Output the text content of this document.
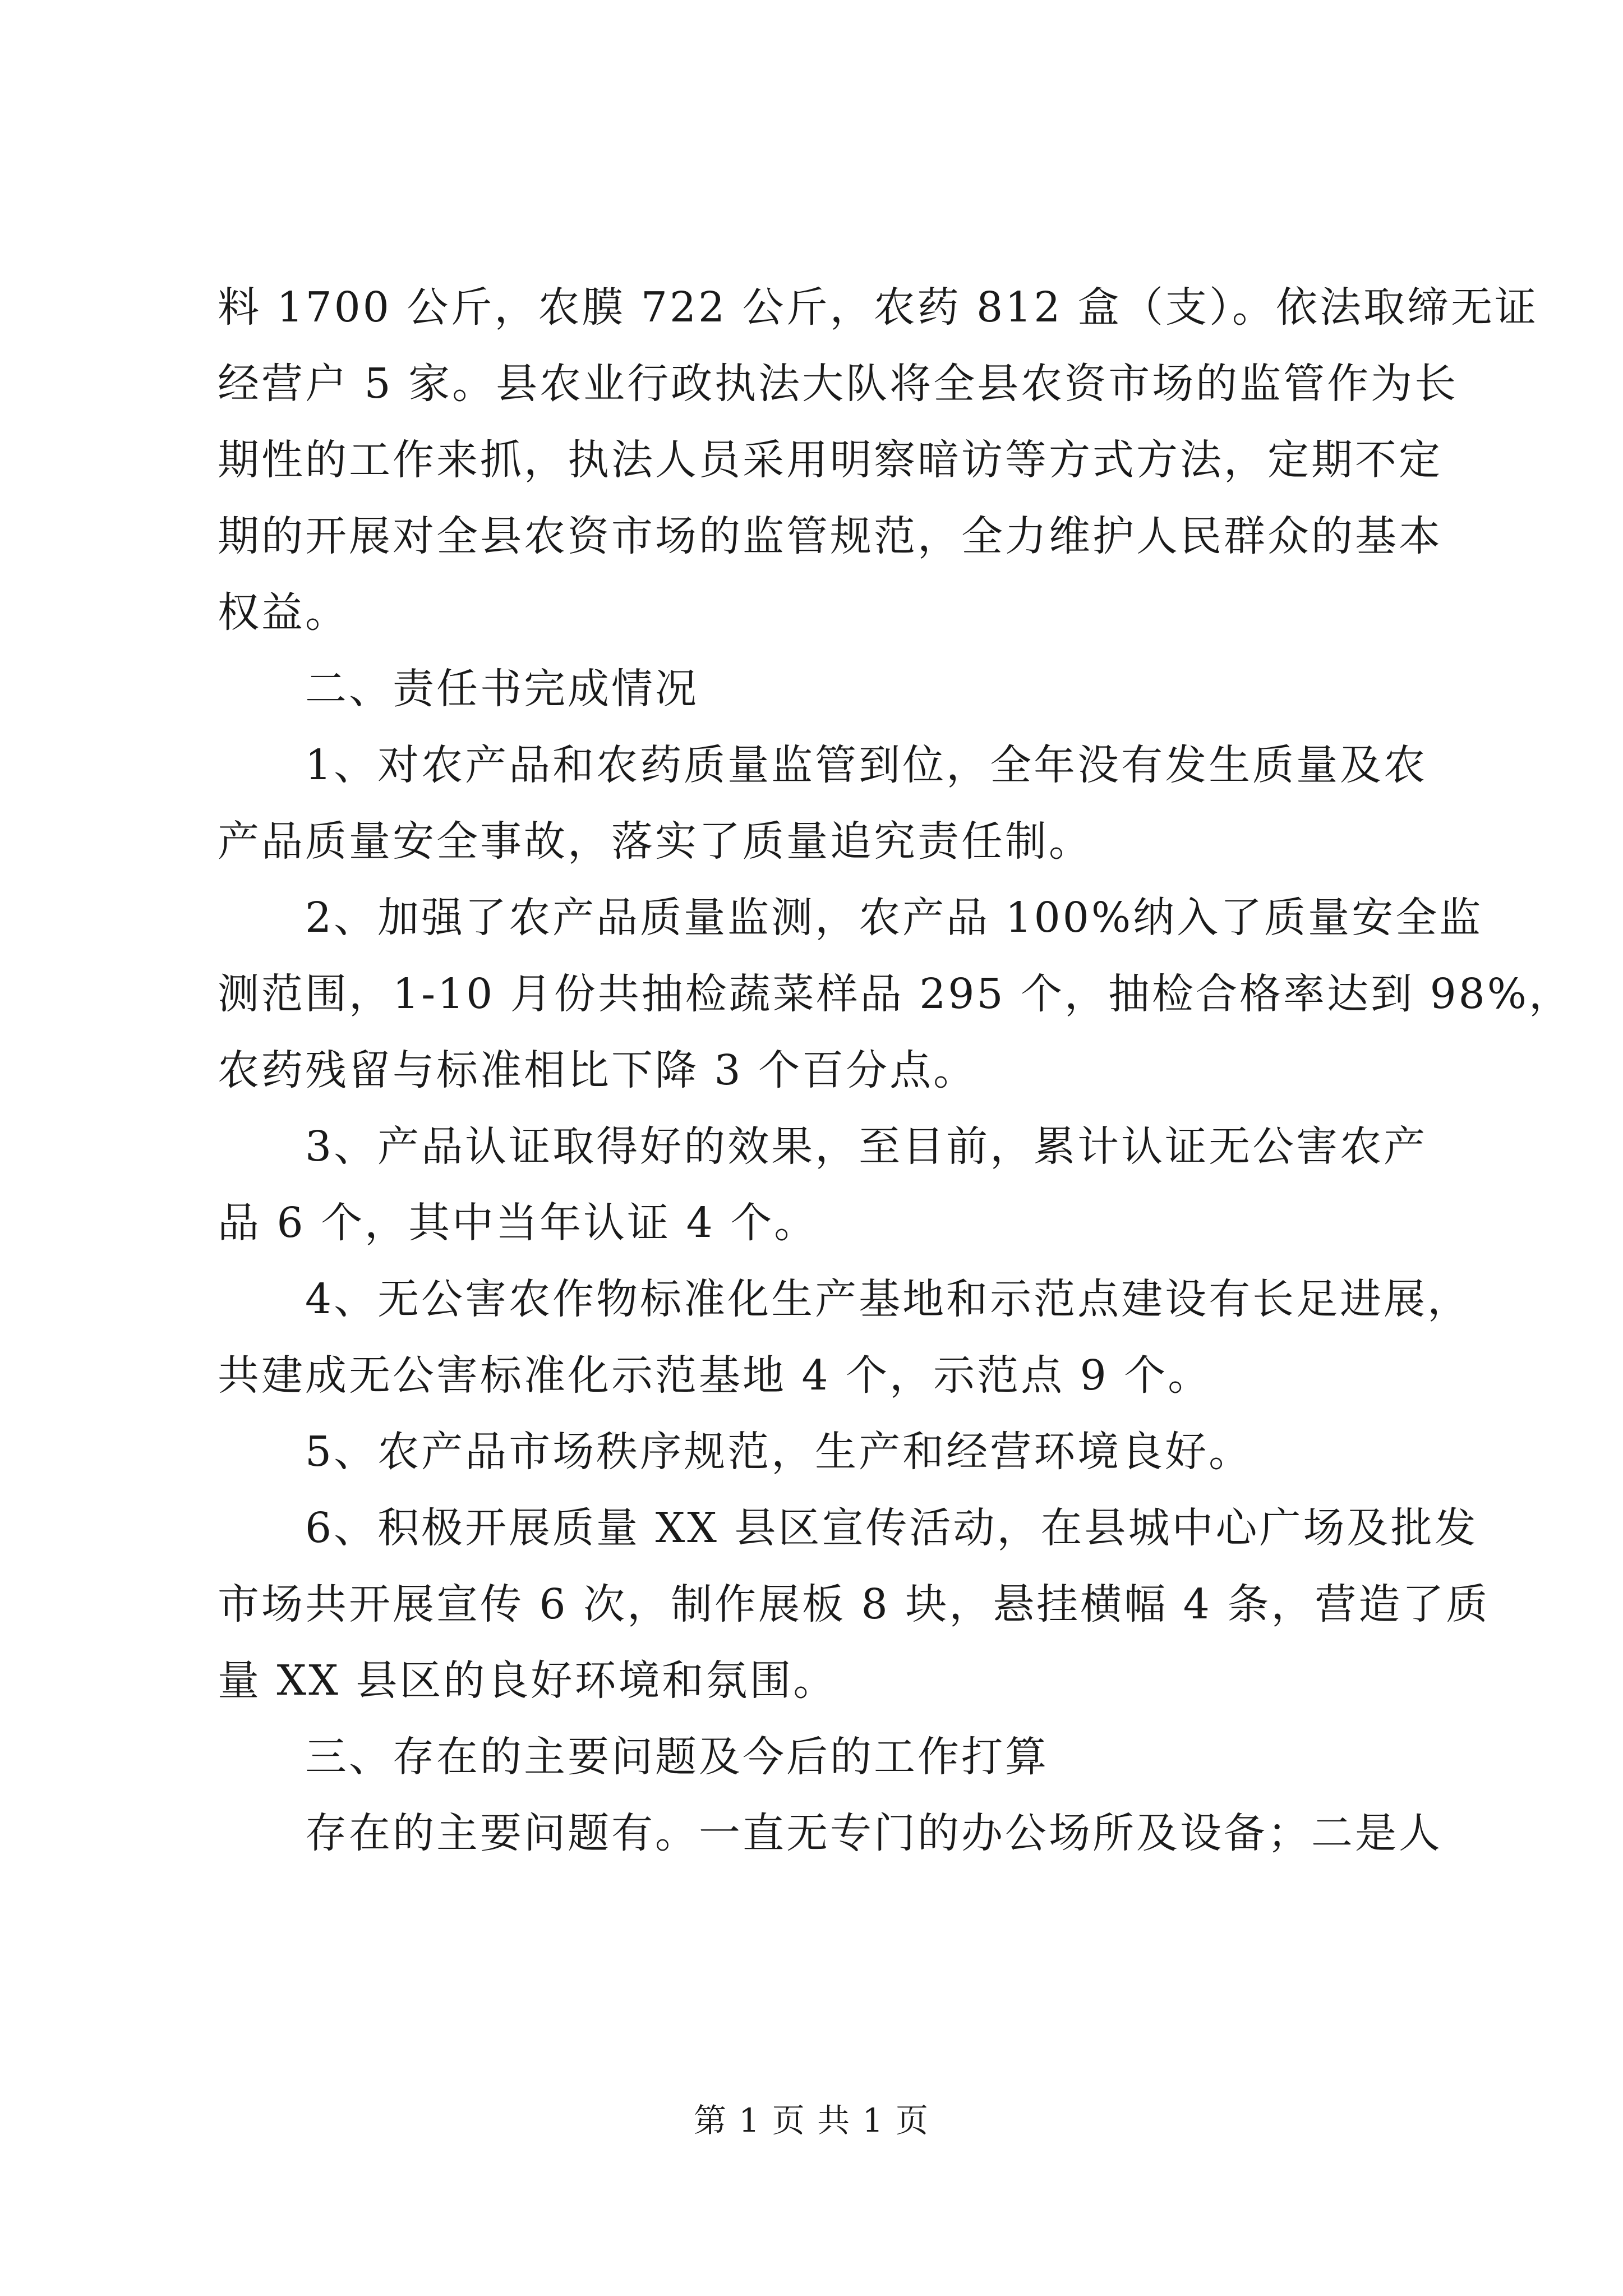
料 1700 公斤，农膜 722 公斤，农药 812 盒（支）。依法取缔无证
经营户 5 家。县农业行政执法大队将全县农资市场的监管作为长
期性的工作来抓，执法人员采用明察暗访等方式方法，定期不定
期的开展对全县农资市场的监管规范，全力维护人民群众的基本
权益。
二、责任书完成情况
1、对农产品和农药质量监管到位，全年没有发生质量及农
产品质量安全事故，落实了质量追究责任制。
2、加强了农产品质量监测，农产品 100%纳入了质量安全监
测范围，1-10 月份共抽检蔬菜样品 295 个，抽检合格率达到 98%，
农药残留与标准相比下降 3 个百分点。
3、产品认证取得好的效果，至目前，累计认证无公害农产
品 6 个，其中当年认证 4 个。
4、无公害农作物标准化生产基地和示范点建设有长足进展，
共建成无公害标准化示范基地 4 个，示范点 9 个。
5、农产品市场秩序规范，生产和经营环境良好。
6、积极开展质量 XX 县区宣传活动，在县城中心广场及批发
市场共开展宣传 6 次，制作展板 8 块，悬挂横幅 4 条，营造了质
量 XX 县区的良好环境和氛围。
三、存在的主要问题及今后的工作打算
存在的主要问题有。一直无专门的办公场所及设备；二是人
第 1 页 共 1 页
